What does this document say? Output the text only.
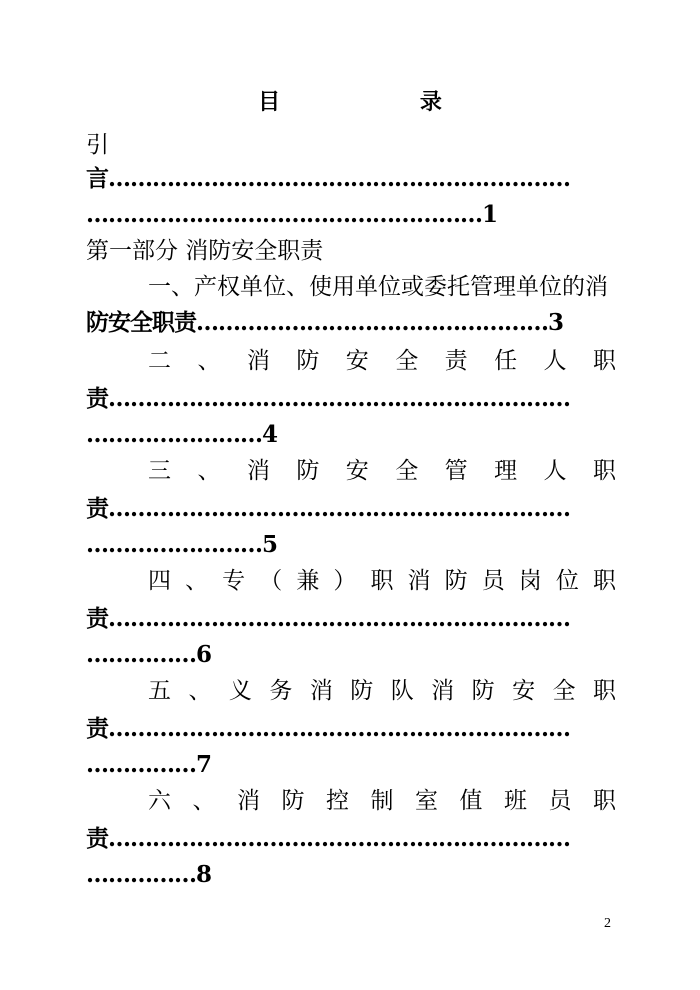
目 录
引
言………………………………………………………
………………………………………………1
第一部分 消防安全职责
一、产权单位、使用单位或委托管理单位的消
防安全职责…………………………………………3
二 、 消 防 安 全 责 任 人 职
责………………………………………………………
……………………4
三 、 消 防 安 全 管 理 人 职
责………………………………………………………
……………………5
四 、 专 （ 兼 ） 职 消 防 员 岗 位 职
责………………………………………………………
……………6
五 、 义 务 消 防 队 消 防 安 全 职
责………………………………………………………
……………7
六 、 消 防 控 制 室 值 班 员 职
责………………………………………………………
……………8
2
